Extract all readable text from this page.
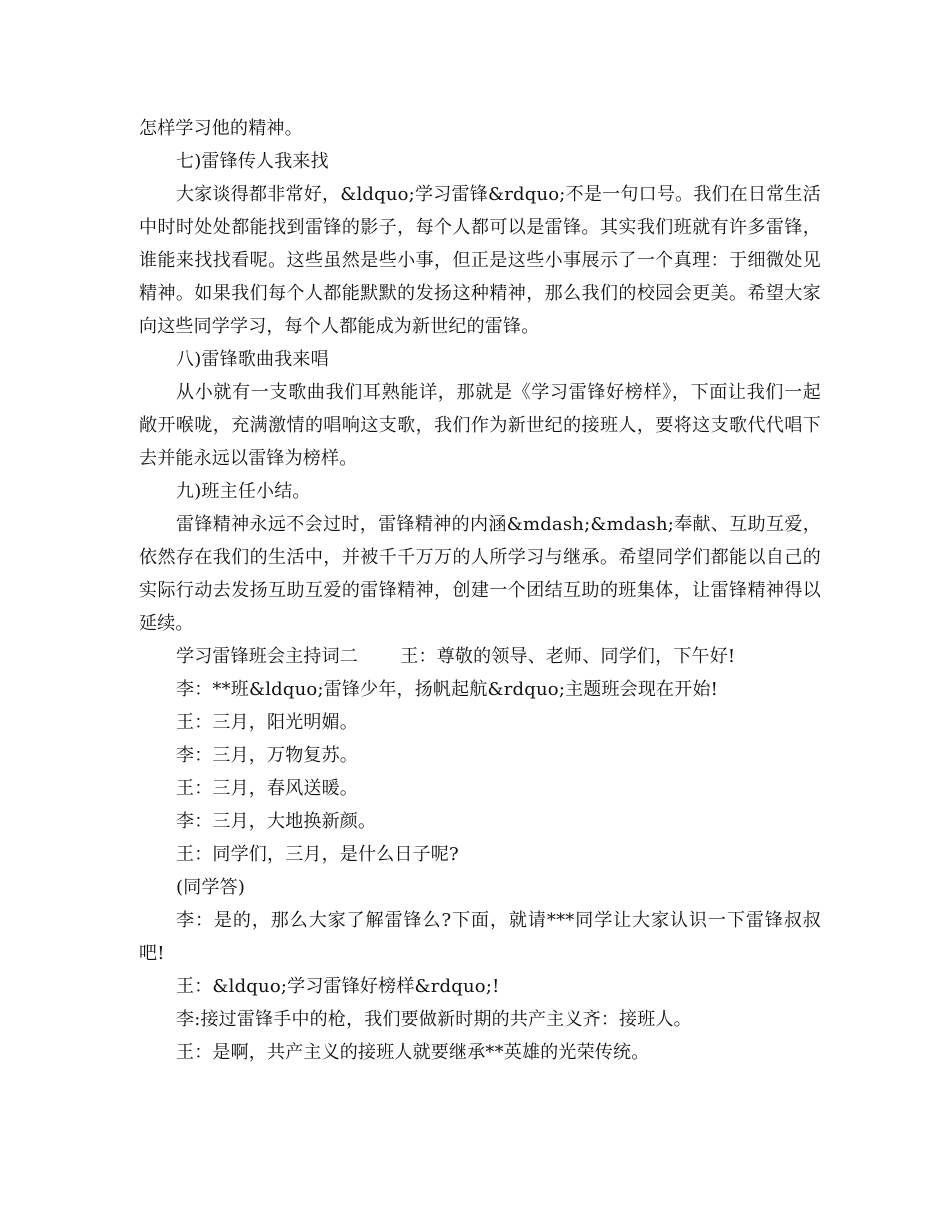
怎样学习他的精神。

七)雷锋传人我来找

大家谈得都非常好，&ldquo;学习雷锋&rdquo;不是一句口号。我们在日常生活中时时处处都能找到雷锋的影子，每个人都可以是雷锋。其实我们班就有许多雷锋，谁能来找找看呢。这些虽然是些小事，但正是这些小事展示了一个真理：于细微处见精神。如果我们每个人都能默默的发扬这种精神，那么我们的校园会更美。希望大家向这些同学学习，每个人都能成为新世纪的雷锋。

八)雷锋歌曲我来唱

从小就有一支歌曲我们耳熟能详，那就是《学习雷锋好榜样》，下面让我们一起敞开喉咙，充满激情的唱响这支歌，我们作为新世纪的接班人，要将这支歌代代唱下去并能永远以雷锋为榜样。

九)班主任小结。

雷锋精神永远不会过时，雷锋精神的内涵&mdash;&mdash;奉献、互助互爱，依然存在我们的生活中，并被千千万万的人所学习与继承。希望同学们都能以自己的实际行动去发扬互助互爱的雷锋精神，创建一个团结互助的班集体，让雷锋精神得以延续。

学习雷锋班会主持词二　　 王：尊敬的领导、老师、同学们，下午好!

李：**班&ldquo;雷锋少年，扬帆起航&rdquo;主题班会现在开始!

王：三月，阳光明媚。

李：三月，万物复苏。

王：三月，春风送暖。

李：三月，大地换新颜。

王：同学们，三月，是什么日子呢?

(同学答)

李：是的，那么大家了解雷锋么?下面，就请***同学让大家认识一下雷锋叔叔吧!

王：&ldquo;学习雷锋好榜样&rdquo;!

李:接过雷锋手中的枪，我们要做新时期的共产主义齐：接班人。

王：是啊，共产主义的接班人就要继承**英雄的光荣传统。
